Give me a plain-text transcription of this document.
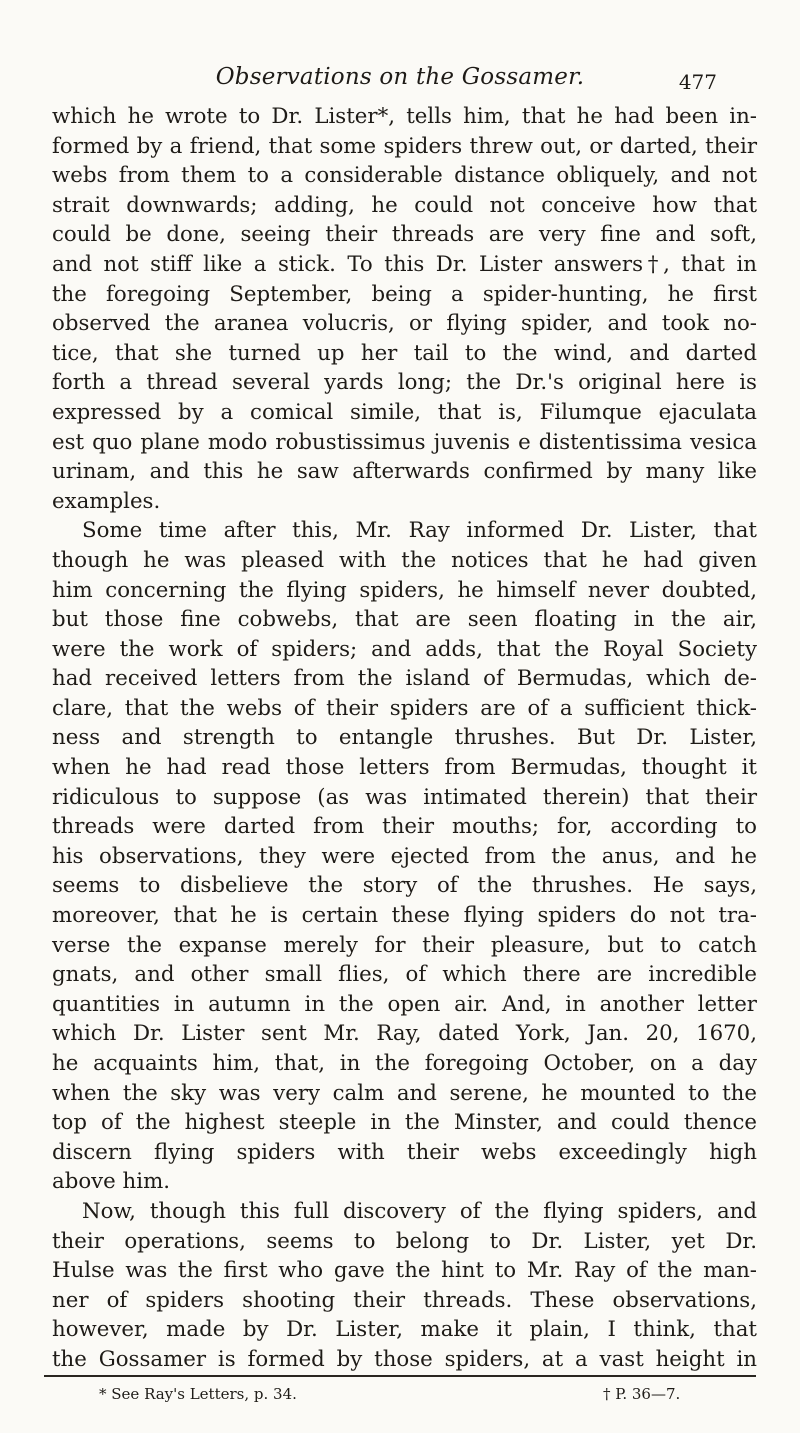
Observations on the Gossamer.	477
which he wrote to Dr. Lister*, tells him, that he had been in-
formed by a friend, that some spiders threw out, or darted, their
webs from them to a considerable distance obliquely, and not
strait downwards; adding, he could not conceive how that
could be done, seeing their threads are very fine and soft,
and not stiff like a stick. To this Dr. Lister answers†, that in
the foregoing September, being a spider-hunting, he first
observed the aranea volucris, or flying spider, and took no-
tice, that she turned up her tail to the wind, and darted
forth a thread several yards long; the Dr.'s original here is
expressed by a comical simile, that is, Filumque ejaculata
est quo plane modo robustissimus juvenis e distentissima vesica
urinam, and this he saw afterwards confirmed by many like
examples.
Some time after this, Mr. Ray informed Dr. Lister, that
though he was pleased with the notices that he had given
him concerning the flying spiders, he himself never doubted,
but those fine cobwebs, that are seen floating in the air,
were the work of spiders; and adds, that the Royal Society
had received letters from the island of Bermudas, which de-
clare, that the webs of their spiders are of a sufficient thick-
ness and strength to entangle thrushes. But Dr. Lister,
when he had read those letters from Bermudas, thought it
ridiculous to suppose (as was intimated therein) that their
threads were darted from their mouths; for, according to
his observations, they were ejected from the anus, and he
seems to disbelieve the story of the thrushes. He says,
moreover, that he is certain these flying spiders do not tra-
verse the expanse merely for their pleasure, but to catch
gnats, and other small flies, of which there are incredible
quantities in autumn in the open air. And, in another letter
which Dr. Lister sent Mr. Ray, dated York, Jan. 20, 1670,
he acquaints him, that, in the foregoing October, on a day
when the sky was very calm and serene, he mounted to the
top of the highest steeple in the Minster, and could thence
discern flying spiders with their webs exceedingly high
above him.
Now, though this full discovery of the flying spiders, and
their operations, seems to belong to Dr. Lister, yet Dr.
Hulse was the first who gave the hint to Mr. Ray of the man-
ner of spiders shooting their threads. These observations,
however, made by Dr. Lister, make it plain, I think, that
the Gossamer is formed by those spiders, at a vast height in
* See Ray's Letters, p. 34.	† P. 36—7.
